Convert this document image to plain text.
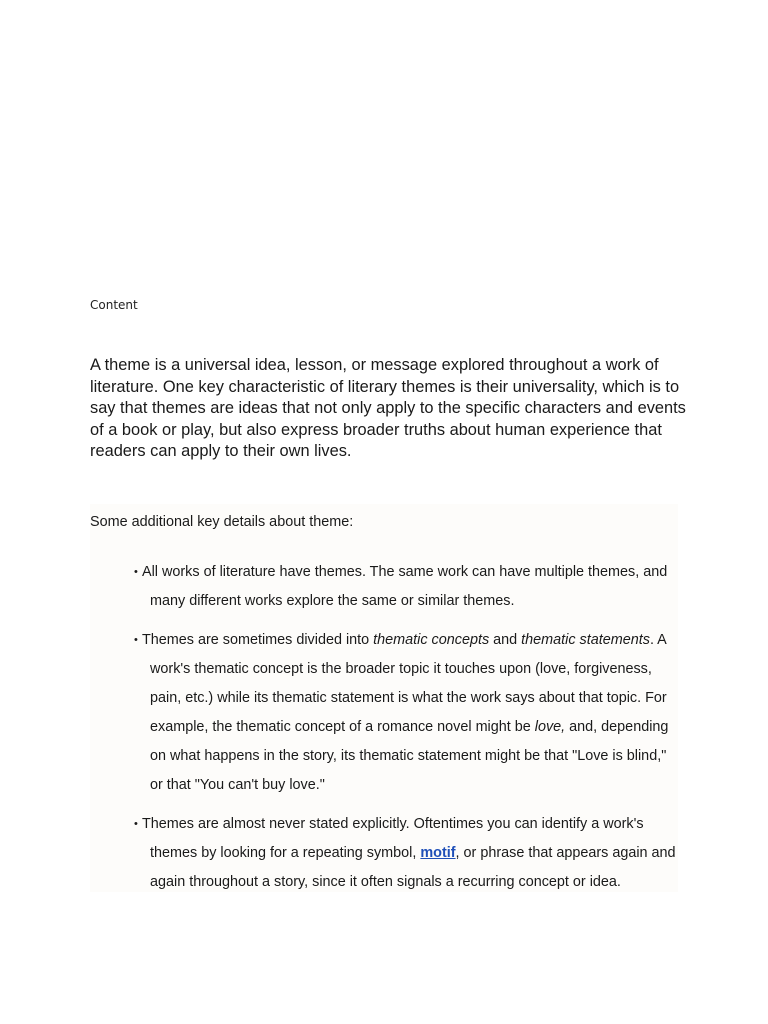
Content

A theme is a universal idea, lesson, or message explored throughout a work of literature. One key characteristic of literary themes is their universality, which is to say that themes are ideas that not only apply to the specific characters and events of a book or play, but also express broader truths about human experience that readers can apply to their own lives.

Some additional key details about theme:

• All works of literature have themes. The same work can have multiple themes, and many different works explore the same or similar themes.
• Themes are sometimes divided into thematic concepts and thematic statements. A work's thematic concept is the broader topic it touches upon (love, forgiveness, pain, etc.) while its thematic statement is what the work says about that topic. For example, the thematic concept of a romance novel might be love, and, depending on what happens in the story, its thematic statement might be that "Love is blind," or that "You can't buy love."
• Themes are almost never stated explicitly. Oftentimes you can identify a work's themes by looking for a repeating symbol, motif, or phrase that appears again and again throughout a story, since it often signals a recurring concept or idea.
